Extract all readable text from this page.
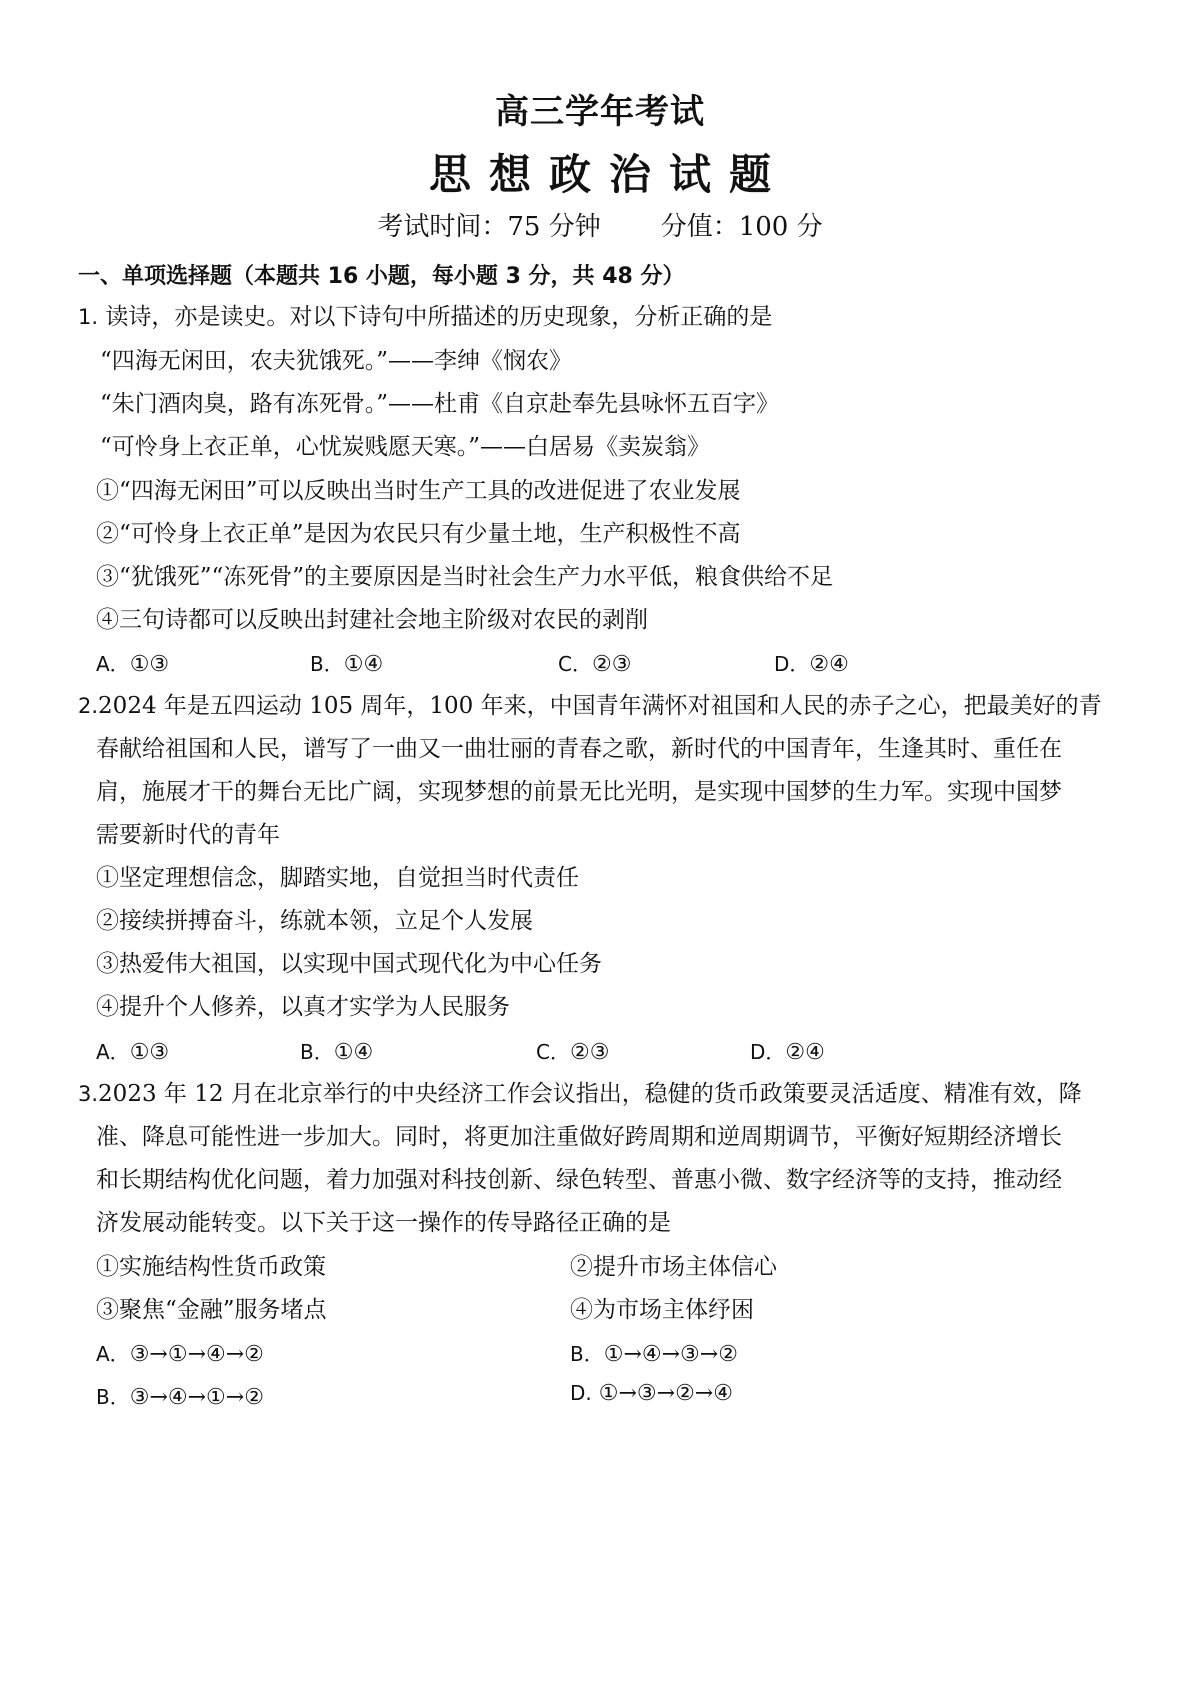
高三学年考试
思想政治试题
考试时间：75 分钟 分值：100 分
一、单项选择题（本题共 16 小题，每小题 3 分，共 48 分）
1. 读诗，亦是读史。对以下诗句中所描述的历史现象，分析正确的是
“四海无闲田，农夫犹饿死。”——李绅《悯农》
“朱门酒肉臭，路有冻死骨。”——杜甫《自京赴奉先县咏怀五百字》
“可怜身上衣正单，心忧炭贱愿天寒。”——白居易《卖炭翁》
①“四海无闲田”可以反映出当时生产工具的改进促进了农业发展
②“可怜身上衣正单”是因为农民只有少量土地，生产积极性不高
③“犹饿死”“冻死骨”的主要原因是当时社会生产力水平低，粮食供给不足
④三句诗都可以反映出封建社会地主阶级对农民的剥削
A．①③	B．①④	C．②③	D．②④
2.2024 年是五四运动 105 周年，100 年来，中国青年满怀对祖国和人民的赤子之心，把最美好的青
春献给祖国和人民，谱写了一曲又一曲壮丽的青春之歌，新时代的中国青年，生逢其时、重任在
肩，施展才干的舞台无比广阔，实现梦想的前景无比光明，是实现中国梦的生力军。实现中国梦
需要新时代的青年
①坚定理想信念，脚踏实地，自觉担当时代责任
②接续拼搏奋斗，练就本领，立足个人发展
③热爱伟大祖国，以实现中国式现代化为中心任务
④提升个人修养，以真才实学为人民服务
A．①③	B．①④	C．②③	D．②④
3.2023 年 12 月在北京举行的中央经济工作会议指出，稳健的货币政策要灵活适度、精准有效，降
准、降息可能性进一步加大。同时，将更加注重做好跨周期和逆周期调节，平衡好短期经济增长
和长期结构优化问题，着力加强对科技创新、绿色转型、普惠小微、数字经济等的支持，推动经
济发展动能转变。以下关于这一操作的传导路径正确的是
①实施结构性货币政策	②提升市场主体信心
③聚焦“金融”服务堵点	④为市场主体纾困
A．③→①→④→②	B．①→④→③→②
B．③→④→①→②	D. ①→③→②→④
